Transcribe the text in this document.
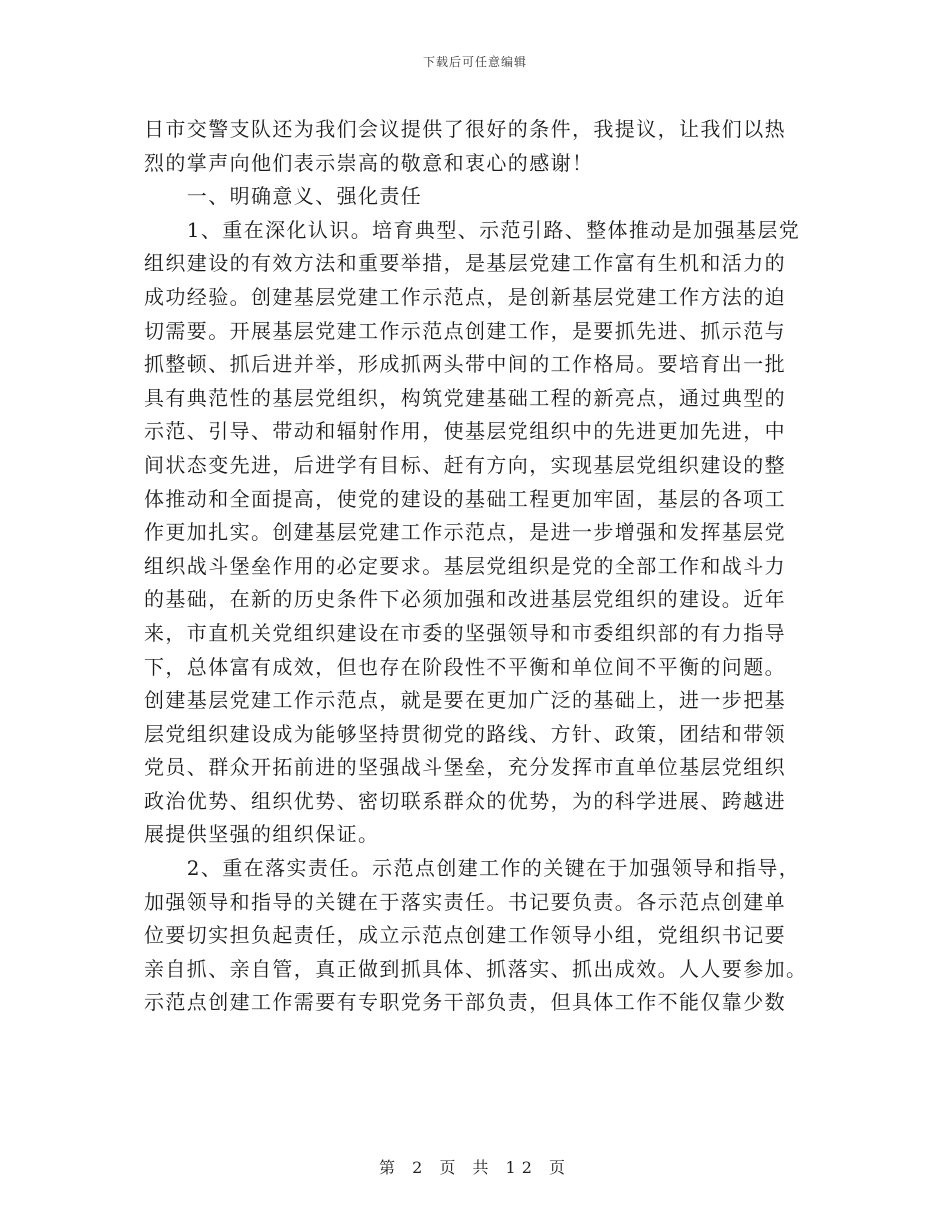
下载后可任意编辑
日市交警支队还为我们会议提供了很好的条件，我提议，让我们以热
烈的掌声向他们表示崇高的敬意和衷心的感谢！
　　一、明确意义、强化责任
　　1、重在深化认识。培育典型、示范引路、整体推动是加强基层党
组织建设的有效方法和重要举措，是基层党建工作富有生机和活力的
成功经验。创建基层党建工作示范点，是创新基层党建工作方法的迫
切需要。开展基层党建工作示范点创建工作，是要抓先进、抓示范与
抓整顿、抓后进并举，形成抓两头带中间的工作格局。要培育出一批
具有典范性的基层党组织，构筑党建基础工程的新亮点，通过典型的
示范、引导、带动和辐射作用，使基层党组织中的先进更加先进，中
间状态变先进，后进学有目标、赶有方向，实现基层党组织建设的整
体推动和全面提高，使党的建设的基础工程更加牢固，基层的各项工
作更加扎实。创建基层党建工作示范点，是进一步增强和发挥基层党
组织战斗堡垒作用的必定要求。基层党组织是党的全部工作和战斗力
的基础，在新的历史条件下必须加强和改进基层党组织的建设。近年
来，市直机关党组织建设在市委的坚强领导和市委组织部的有力指导
下，总体富有成效，但也存在阶段性不平衡和单位间不平衡的问题。
创建基层党建工作示范点，就是要在更加广泛的基础上，进一步把基
层党组织建设成为能够坚持贯彻党的路线、方针、政策，团结和带领
党员、群众开拓前进的坚强战斗堡垒，充分发挥市直单位基层党组织
政治优势、组织优势、密切联系群众的优势，为的科学进展、跨越进
展提供坚强的组织保证。
　　2、重在落实责任。示范点创建工作的关键在于加强领导和指导，
加强领导和指导的关键在于落实责任。书记要负责。各示范点创建单
位要切实担负起责任，成立示范点创建工作领导小组，党组织书记要
亲自抓、亲自管，真正做到抓具体、抓落实、抓出成效。人人要参加。
示范点创建工作需要有专职党务干部负责，但具体工作不能仅靠少数
第 2 页 共 12 页
